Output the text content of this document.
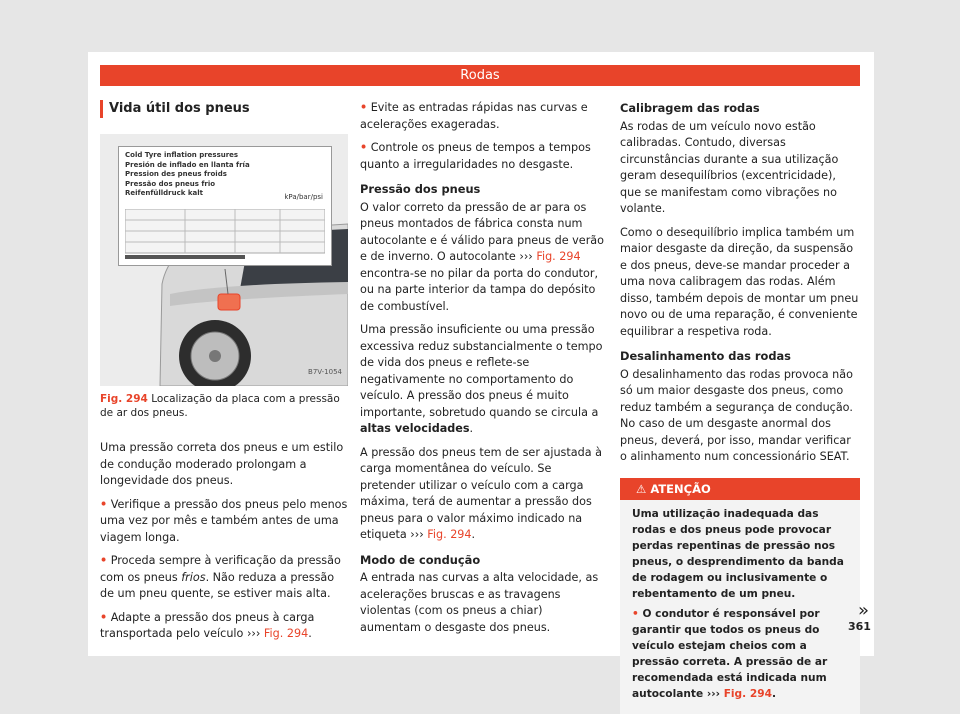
Rodas
Vida útil dos pneus
Cold Tyre inflation pressures
Presión de inflado en llanta fría
Pression des pneus froids
Pressão dos pneus frio
Reifenfülldruck kalt	kPa/bar/psi
B7V-1054
Fig. 294 Localização da placa com a pressão de ar dos pneus.

Uma pressão correta dos pneus e um estilo de condução moderado prolongam a longevidade dos pneus.

• Verifique a pressão dos pneus pelo menos uma vez por mês e também antes de uma viagem longa.

• Proceda sempre à verificação da pressão com os pneus frios. Não reduza a pressão de um pneu quente, se estiver mais alta.

• Adapte a pressão dos pneus à carga transportada pelo veículo ››› Fig. 294.

• Evite as entradas rápidas nas curvas e acelerações exageradas.

• Controle os pneus de tempos a tempos quanto a irregularidades no desgaste.

Pressão dos pneus

O valor correto da pressão de ar para os pneus montados de fábrica consta num autocolante e é válido para pneus de verão e de inverno. O autocolante ››› Fig. 294 encontra-se no pilar da porta do condutor, ou na parte interior da tampa do depósito de combustível.

Uma pressão insuficiente ou uma pressão excessiva reduz substancialmente o tempo de vida dos pneus e reflete-se negativamente no comportamento do veículo. A pressão dos pneus é muito importante, sobretudo quando se circula a altas velocidades.

A pressão dos pneus tem de ser ajustada à carga momentânea do veículo. Se pretender utilizar o veículo com a carga máxima, terá de aumentar a pressão dos pneus para o valor máximo indicado na etiqueta ››› Fig. 294.

Modo de condução

A entrada nas curvas a alta velocidade, as acelerações bruscas e as travagens violentas (com os pneus a chiar) aumentam o desgaste dos pneus.

Calibragem das rodas

As rodas de um veículo novo estão calibradas. Contudo, diversas circunstâncias durante a sua utilização geram desequilíbrios (excentricidade), que se manifestam como vibrações no volante.

Como o desequilíbrio implica também um maior desgaste da direção, da suspensão e dos pneus, deve-se mandar proceder a uma nova calibragem das rodas. Além disso, também depois de montar um pneu novo ou de uma reparação, é conveniente equilibrar a respetiva roda.

Desalinhamento das rodas

O desalinhamento das rodas provoca não só um maior desgaste dos pneus, como reduz também a segurança de condução. No caso de um desgaste anormal dos pneus, deverá, por isso, mandar verificar o alinhamento num concessionário SEAT.

⚠ ATENÇÃO

Uma utilização inadequada das rodas e dos pneus pode provocar perdas repentinas de pressão nos pneus, o desprendimento da banda de rodagem ou inclusivamente o rebentamento de um pneu.

• O condutor é responsável por garantir que todos os pneus do veículo estejam cheios com a pressão correta. A pressão de ar recomendada está indicada num autocolante ››› Fig. 294.

»
361
